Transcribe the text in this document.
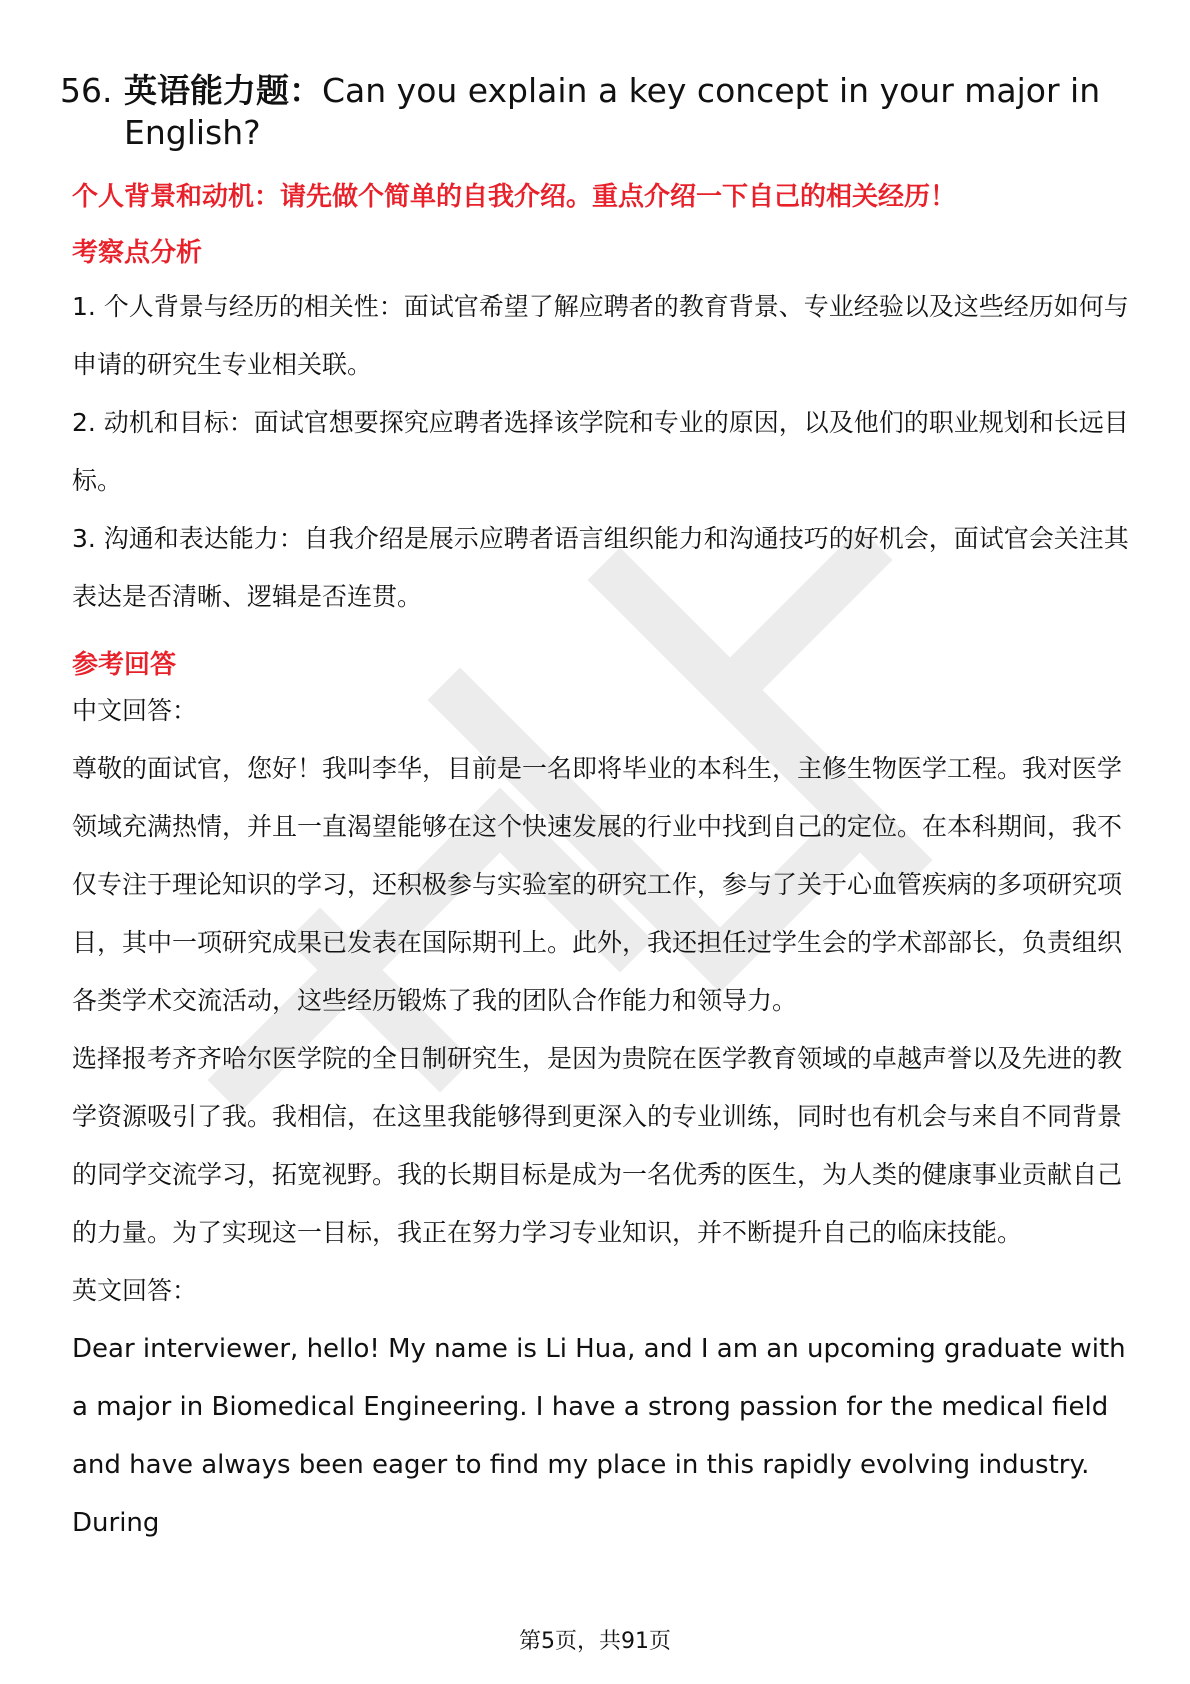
56. 英语能力题：Can you explain a key concept in your major in English?
个人背景和动机：请先做个简单的自我介绍。重点介绍一下自己的相关经历！
考察点分析

1. 个人背景与经历的相关性：面试官希望了解应聘者的教育背景、专业经验以及这些经历如何与申请的研究生专业相关联。

2. 动机和目标：面试官想要探究应聘者选择该学院和专业的原因，以及他们的职业规划和长远目标。

3. 沟通和表达能力：自我介绍是展示应聘者语言组织能力和沟通技巧的好机会，面试官会关注其表达是否清晰、逻辑是否连贯。

参考回答

中文回答：

尊敬的面试官，您好！我叫李华，目前是一名即将毕业的本科生，主修生物医学工程。我对医学领域充满热情，并且一直渴望能够在这个快速发展的行业中找到自己的定位。在本科期间，我不仅专注于理论知识的学习，还积极参与实验室的研究工作，参与了关于心血管疾病的多项研究项目，其中一项研究成果已发表在国际期刊上。此外，我还担任过学生会的学术部部长，负责组织各类学术交流活动，这些经历锻炼了我的团队合作能力和领导力。

选择报考齐齐哈尔医学院的全日制研究生，是因为贵院在医学教育领域的卓越声誉以及先进的教学资源吸引了我。我相信，在这里我能够得到更深入的专业训练，同时也有机会与来自不同背景的同学交流学习，拓宽视野。我的长期目标是成为一名优秀的医生，为人类的健康事业贡献自己的力量。为了实现这一目标，我正在努力学习专业知识，并不断提升自己的临床技能。

英文回答：

Dear interviewer, hello! My name is Li Hua, and I am an upcoming graduate with a major in Biomedical Engineering. I have a strong passion for the medical field and have always been eager to find my place in this rapidly evolving industry. During

第5页，共91页
